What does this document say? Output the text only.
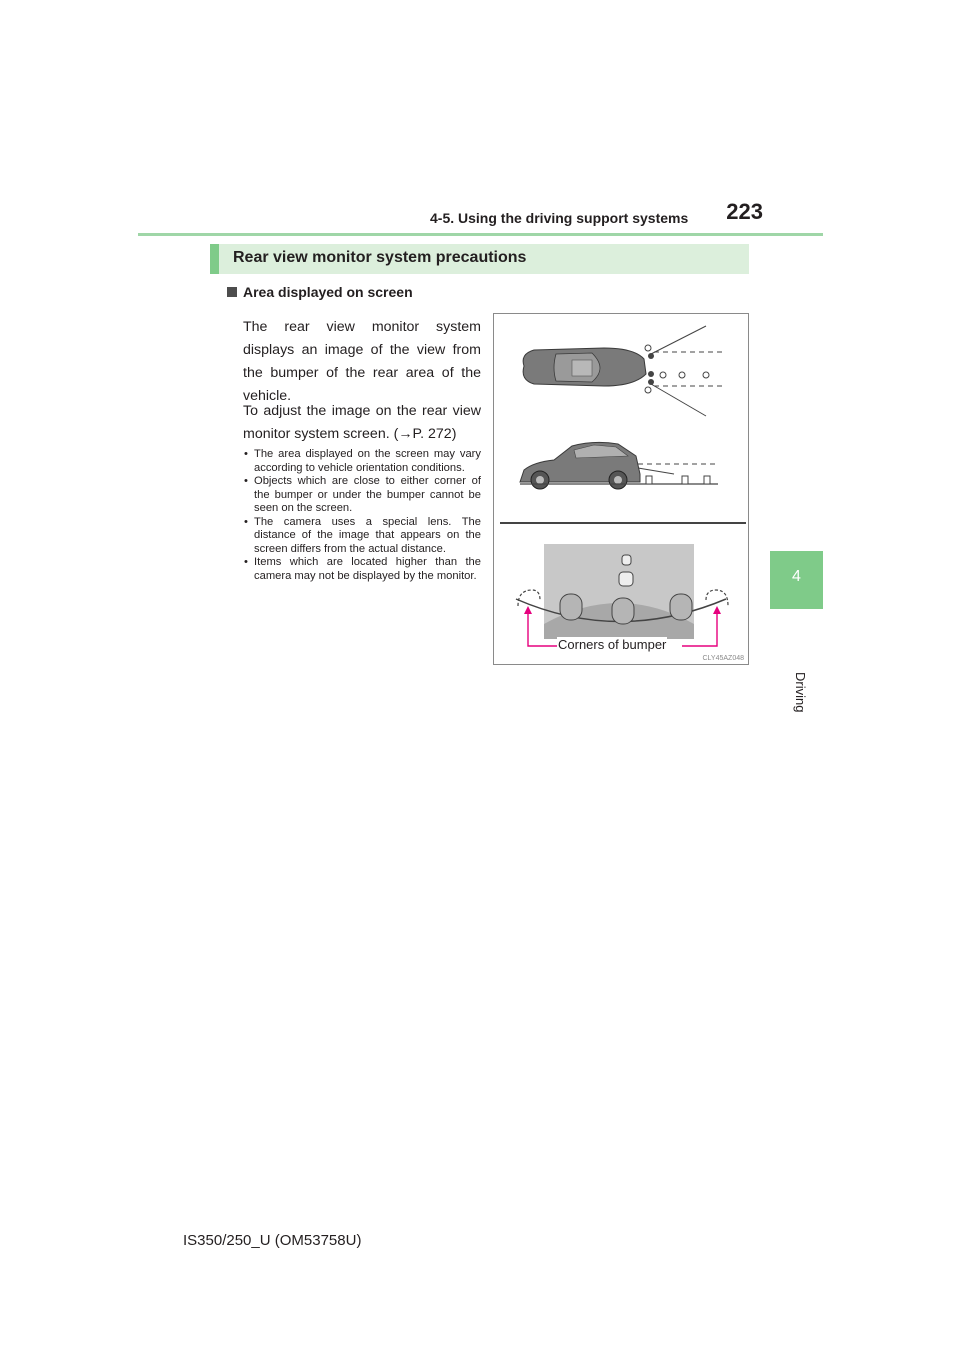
4-5. Using the driving support systems	223
Rear view monitor system precautions
4
Driving
Area displayed on screen
The rear view monitor system displays an image of the view from the bumper of the rear area of the vehicle.
To adjust the image on the rear view monitor system screen. (→P. 272)
• The area displayed on the screen may vary according to vehicle orientation conditions.
• Objects which are close to either corner of the bumper or under the bumper cannot be seen on the screen.
• The camera uses a special lens. The distance of the image that appears on the screen differs from the actual distance.
• Items which are located higher than the camera may not be displayed by the monitor.
Corners of bumper
CLY45AZ048
IS350/250_U (OM53758U)
